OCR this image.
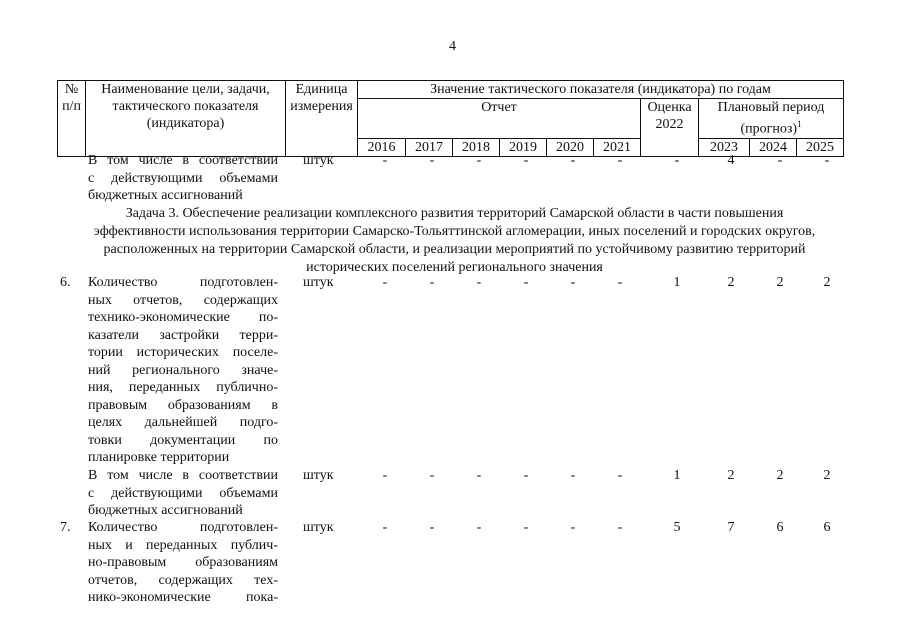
4
№ п/п	Наименование цели, задачи, тактического показателя (индикатора)	Единица измерения	Значение тактического показателя (индикатора) по годам									
			Отчет						Оценка 2022	Плановый период (прогноз)$^1$
			2016	2017	2018	2019	2020	2021		2023	2024	2025
В том числе в соответствии
с действующими объемами
бюджетных ассигнований
штук	-	-	-	-	-	-	-	4	-	-
Задача 3. Обеспечение реализации комплексного развития территорий Самарской области в части повышения
эффективности использования территории Самарско-Тольяттинской агломерации, иных поселений и городских округов,
расположенных на территории Самарской области, и реализации мероприятий по устойчивому развитию территорий
исторических поселений регионального значения
6. Количество подготовлен-
ных отчетов, содержащих
технико-экономические по-
казатели застройки терри-
тории исторических поселе-
ний регионального значе-
ния, переданных публично-
правовым образованиям в
целях дальнейшей подго-
товки документации по
планировке территории
штук	-	-	-	-	-	-	1	2	2	2
В том числе в соответствии
с действующими объемами
бюджетных ассигнований
штук	-	-	-	-	-	-	1	2	2	2
7. Количество подготовлен-
ных и переданных публич-
но-правовым образованиям
отчетов, содержащих тех-
нико-экономические пока-
штук	-	-	-	-	-	-	5	7	6	6
